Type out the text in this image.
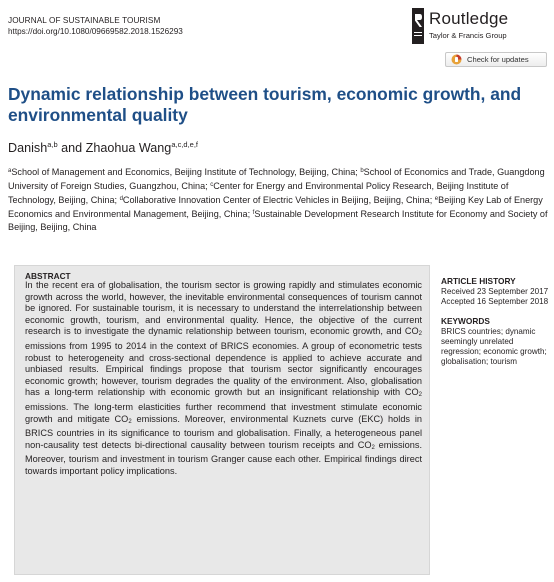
JOURNAL OF SUSTAINABLE TOURISM
https://doi.org/10.1080/09669582.2018.1526293
Routledge
Taylor & Francis Group
Check for updates
Dynamic relationship between tourism, economic growth, and environmental quality
Danish$^{a,b}$ and Zhaohua Wang$^{a,c,d,e,f}$
$^a$School of Management and Economics, Beijing Institute of Technology, Beijing, China; $^b$School of Economics and Trade, Guangdong University of Foreign Studies, Guangzhou, China; $^c$Center for Energy and Environmental Policy Research, Beijing Institute of Technology, Beijing, China; $^d$Collaborative Innovation Center of Electric Vehicles in Beijing, Beijing, China; $^e$Beijing Key Lab of Energy Economics and Environmental Management, Beijing, China; $^f$Sustainable Development Research Institute for Economy and Society of Beijing, Beijing, China
ABSTRACT
In the recent era of globalisation, the tourism sector is growing rapidly and stimulates economic growth across the world, however, the inevitable environmental consequences of tourism cannot be ignored. For sustainable tourism, it is necessary to understand the interrelationship between economic growth, tourism, and environmental quality. Hence, the objective of the current research is to investigate the dynamic relationship between tourism, economic growth, and $CO_2$ emissions from 1995 to 2014 in the context of BRICS economies. A group of econometric tests robust to heterogeneity and cross-sectional dependence is applied to achieve accurate and unbiased results. Empirical findings propose that tourism sector significantly encourages economic growth; however, tourism degrades the quality of the environment. Also, globalisation has a long-term relationship with economic growth but an insignificant relationship with $CO_2$ emissions. The long-term elasticities further recommend that investment stimulate economic growth and mitigate $CO_2$ emissions. Moreover, environmental Kuznets curve (EKC) holds in BRICS countries in its significance to tourism and globalisation. Finally, a heterogeneous panel non-causality test detects bi-directional causality between tourism receipts and $CO_2$ emissions. Moreover, tourism and investment in tourism Granger cause each other. Empirical findings direct towards important policy implications.
ARTICLE HISTORY
Received 23 September 2017
Accepted 16 September 2018
KEYWORDS
BRICS countries; dynamic seemingly unrelated regression; economic growth; globalisation; tourism
